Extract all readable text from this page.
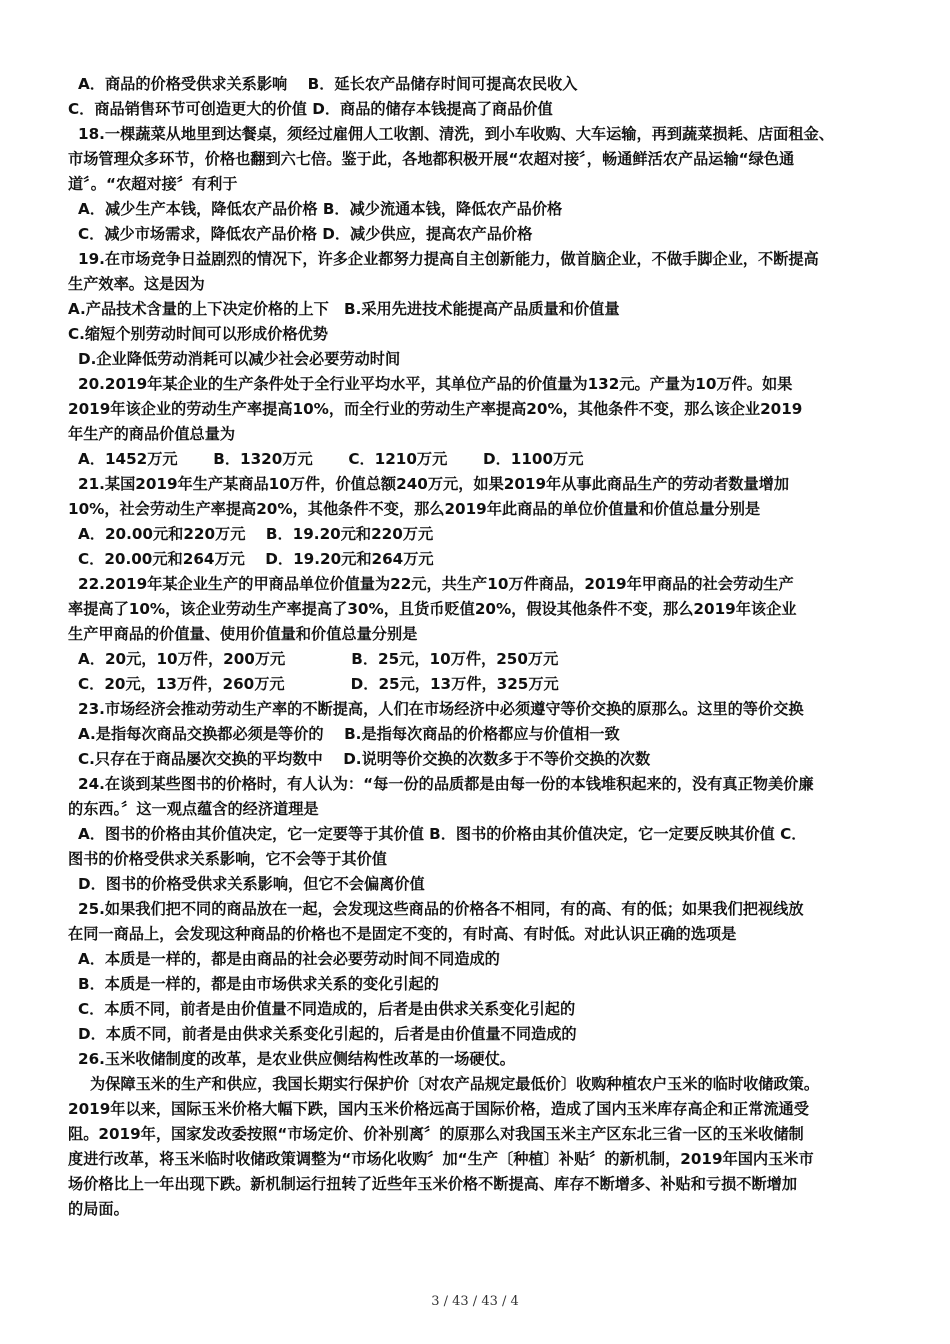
A．商品的价格受供求关系影响　 B．延长农产品储存时间可提高农民收入
C．商品销售环节可创造更大的价值 D．商品的储存本钱提高了商品价值
18.一棵蔬菜从地里到达餐桌，须经过雇佣人工收割、清洗，到小车收购、大车运输，再到蔬菜损耗、店面租金、
市场管理众多环节，价格也翻到六七倍。鉴于此，各地都积极开展“农超对接〞，畅通鲜活农产品运输“绿色通
道〞。“农超对接〞有利于
A．减少生产本钱，降低农产品价格 B．减少流通本钱，降低农产品价格
C．减少市场需求，降低农产品价格 D．减少供应，提高农产品价格
19.在市场竞争日益剧烈的情况下，许多企业都努力提高自主创新能力，做首脑企业，不做手脚企业，不断提高
生产效率。这是因为
A.产品技术含量的上下决定价格的上下　B.采用先进技术能提高产品质量和价值量
C.缩短个别劳动时间可以形成价格优势
D.企业降低劳动消耗可以减少社会必要劳动时间
20.2019年某企业的生产条件处于全行业平均水平，其单位产品的价值量为132元。产量为10万件。如果
2019年该企业的劳动生产率提高10%，而全行业的劳动生产率提高20%，其他条件不变，那么该企业2019
年生产的商品价值总量为
A．1452万元　　 B．1320万元　　 C．1210万元　　 D．1100万元
21.某国2019年生产某商品10万件，价值总额240万元，如果2019年从事此商品生产的劳动者数量增加
10%，社会劳动生产率提高20%，其他条件不变，那么2019年此商品的单位价值量和价值总量分别是
A．20.00元和220万元　 B．19.20元和220万元
C．20.00元和264万元　 D．19.20元和264万元
22.2019年某企业生产的甲商品单位价值量为22元，共生产10万件商品，2019年甲商品的社会劳动生产
率提高了10%，该企业劳动生产率提高了30%，且货币贬值20%，假设其他条件不变，那么2019年该企业
生产甲商品的价值量、使用价值量和价值总量分别是
A．20元，10万件，200万元　　　　 B．25元，10万件，250万元
C．20元，13万件，260万元　　　　 D．25元，13万件，325万元
23.市场经济会推动劳动生产率的不断提高，人们在市场经济中必须遵守等价交换的原那么。这里的等价交换
A.是指每次商品交换都必须是等价的　 B.是指每次商品的价格都应与价值相一致
C.只存在于商品屡次交换的平均数中　 D.说明等价交换的次数多于不等价交换的次数
24.在谈到某些图书的价格时，有人认为：“每一份的品质都是由每一份的本钱堆积起来的，没有真正物美价廉
的东西。〞这一观点蕴含的经济道理是
A．图书的价格由其价值决定，它一定要等于其价值 B．图书的价格由其价值决定，它一定要反映其价值 C．
图书的价格受供求关系影响，它不会等于其价值
D．图书的价格受供求关系影响，但它不会偏离价值
25.如果我们把不同的商品放在一起，会发现这些商品的价格各不相同，有的高、有的低；如果我们把视线放
在同一商品上，会发现这种商品的价格也不是固定不变的，有时高、有时低。对此认识正确的选项是
A．本质是一样的，都是由商品的社会必要劳动时间不同造成的
B．本质是一样的，都是由市场供求关系的变化引起的
C．本质不同，前者是由价值量不同造成的，后者是由供求关系变化引起的
D．本质不同，前者是由供求关系变化引起的，后者是由价值量不同造成的
26.玉米收储制度的改革，是农业供应侧结构性改革的一场硬仗。
为保障玉米的生产和供应，我国长期实行保护价〔对农产品规定最低价〕收购种植农户玉米的临时收储政策。
2019年以来，国际玉米价格大幅下跌，国内玉米价格远高于国际价格，造成了国内玉米库存高企和正常流通受
阻。2019年，国家发改委按照“市场定价、价补别离〞的原那么对我国玉米主产区东北三省一区的玉米收储制
度进行改革，将玉米临时收储政策调整为“市场化收购〞加“生产〔种植〕补贴〞的新机制，2019年国内玉米市
场价格比上一年出现下跌。新机制运行扭转了近些年玉米价格不断提高、库存不断增多、补贴和亏损不断增加
的局面。
3 / 43 / 43 / 4
